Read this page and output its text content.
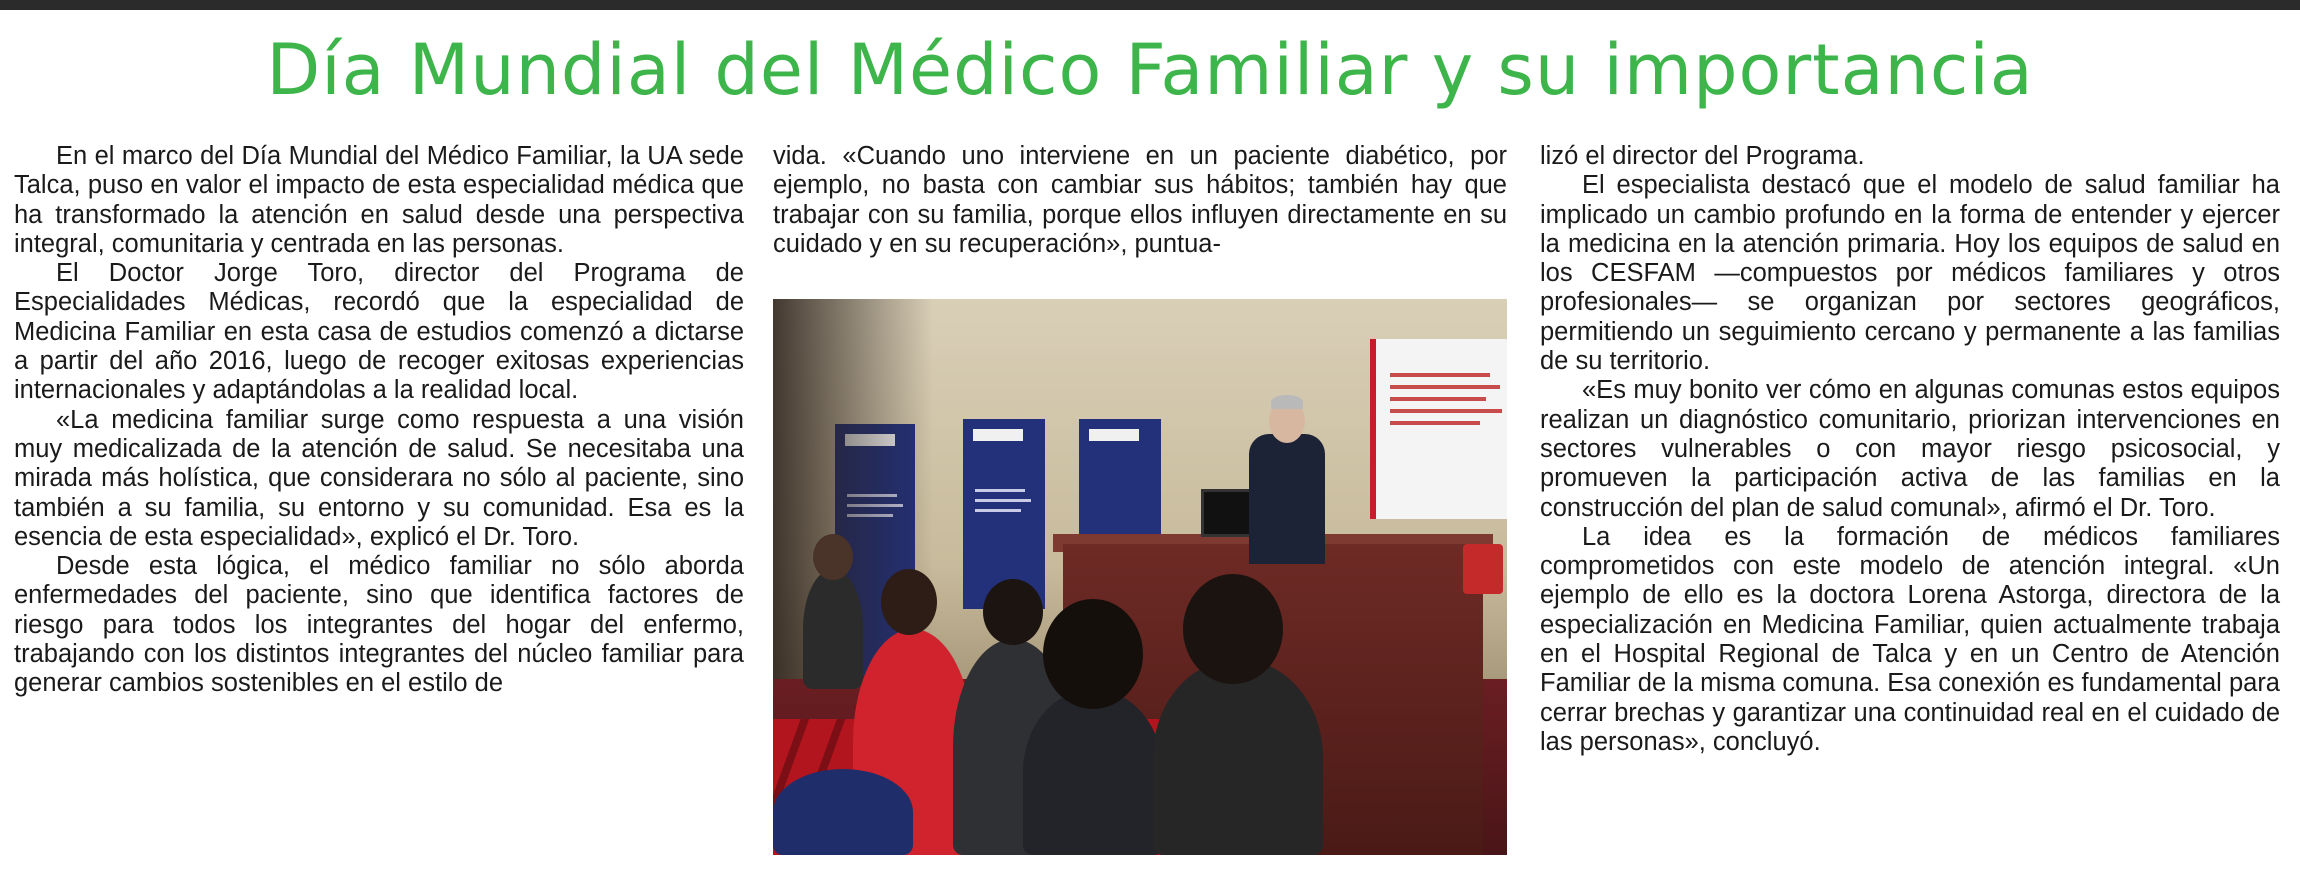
Día Mundial del Médico Familiar y su importancia

En el marco del Día Mundial del Médico Familiar, la UA sede Talca, puso en valor el impacto de esta especialidad médica que ha transformado la atención en salud desde una perspectiva integral, comunitaria y centrada en las personas.

El Doctor Jorge Toro, director del Programa de Especialidades Médicas, recordó que la especialidad de Medicina Familiar en esta casa de estudios comenzó a dictarse a partir del año 2016, luego de recoger exitosas experiencias internacionales y adaptándolas a la realidad local.

«La medicina familiar surge como respuesta a una visión muy medicalizada de la atención de salud. Se necesitaba una mirada más holística, que considerara no sólo al paciente, sino también a su familia, su entorno y su comunidad. Esa es la esencia de esta especialidad», explicó el Dr. Toro.

Desde esta lógica, el médico familiar no sólo aborda enfermedades del paciente, sino que identifica factores de riesgo para todos los integrantes del hogar del enfermo, trabajando con los distintos integrantes del núcleo familiar para generar cambios sostenibles en el estilo de

vida. «Cuando uno interviene en un paciente diabético, por ejemplo, no basta con cambiar sus hábitos; también hay que trabajar con su familia, porque ellos influyen directamente en su cuidado y en su recuperación», puntua-

lizó el director del Programa.

El especialista destacó que el modelo de salud familiar ha implicado un cambio profundo en la forma de entender y ejercer la medicina en la atención primaria. Hoy los equipos de salud en los CESFAM —compuestos por médicos familiares y otros profesionales— se organizan por sectores geográficos, permitiendo un seguimiento cercano y permanente a las familias de su territorio.

«Es muy bonito ver cómo en algunas comunas estos equipos realizan un diagnóstico comunitario, priorizan intervenciones en sectores vulnerables o con mayor riesgo psicosocial, y promueven la participación activa de las familias en la construcción del plan de salud comunal», afirmó el Dr. Toro.

La idea es la formación de médicos familiares comprometidos con este modelo de atención integral. «Un ejemplo de ello es la doctora Lorena Astorga, directora de la especialización en Medicina Familiar, quien actualmente trabaja en el Hospital Regional de Talca y en un Centro de Atención Familiar de la misma comuna. Esa conexión es fundamental para cerrar brechas y garantizar una continuidad real en el cuidado de las personas», concluyó.
